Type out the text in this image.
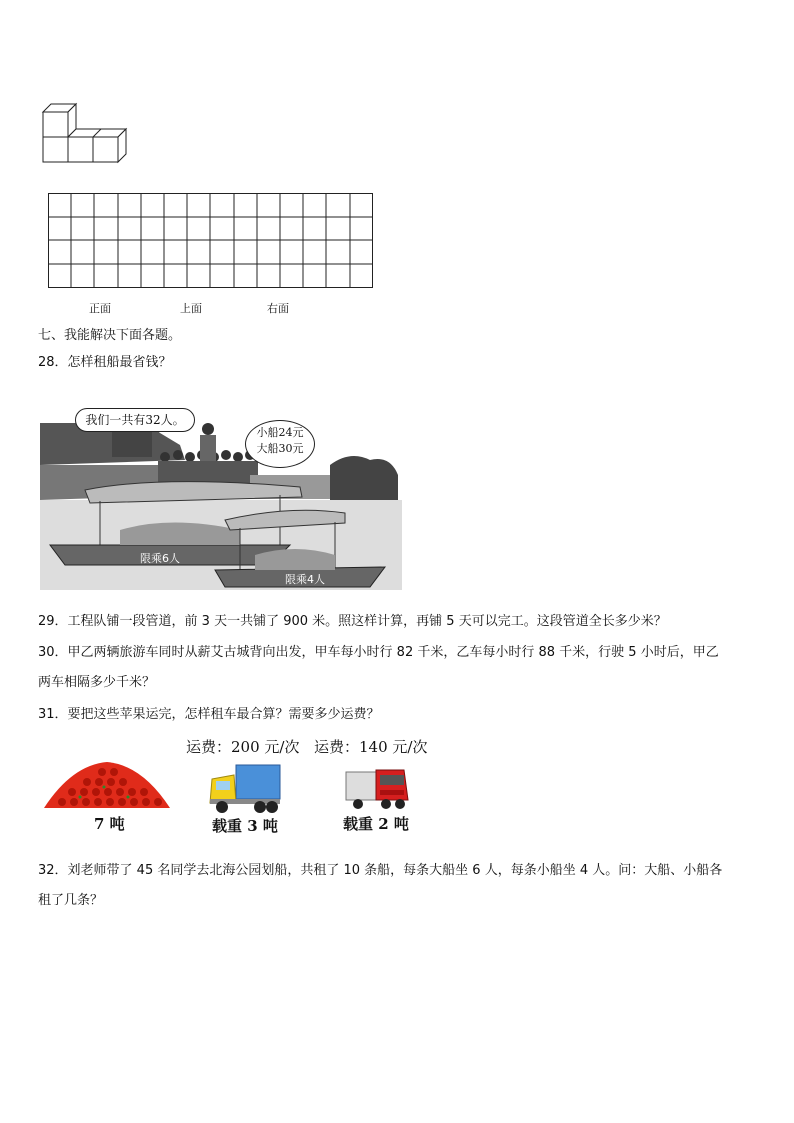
正面	上面	右面
七、我能解决下面各题。
28．怎样租船最省钱？
我们一共有32人。
小船24元
大船30元
限乘6人
限乘4人
29．工程队铺一段管道，前 3 天一共铺了 900 米。照这样计算，再铺 5 天可以完工。这段管道全长多少米？
30．甲乙两辆旅游车同时从薪艾古城背向出发，甲车每小时行 82 千米，乙车每小时行 88 千米，行驶 5 小时后，甲乙
两车相隔多少千米？
31．要把这些苹果运完，怎样租车最合算？需要多少运费？
运费：200 元/次 运费：140 元/次
7 吨	载重 3 吨	载重 2 吨
32．刘老师带了 45 名同学去北海公园划船，共租了 10 条船，每条大船坐 6 人，每条小船坐 4 人。问：大船、小船各
租了几条？
